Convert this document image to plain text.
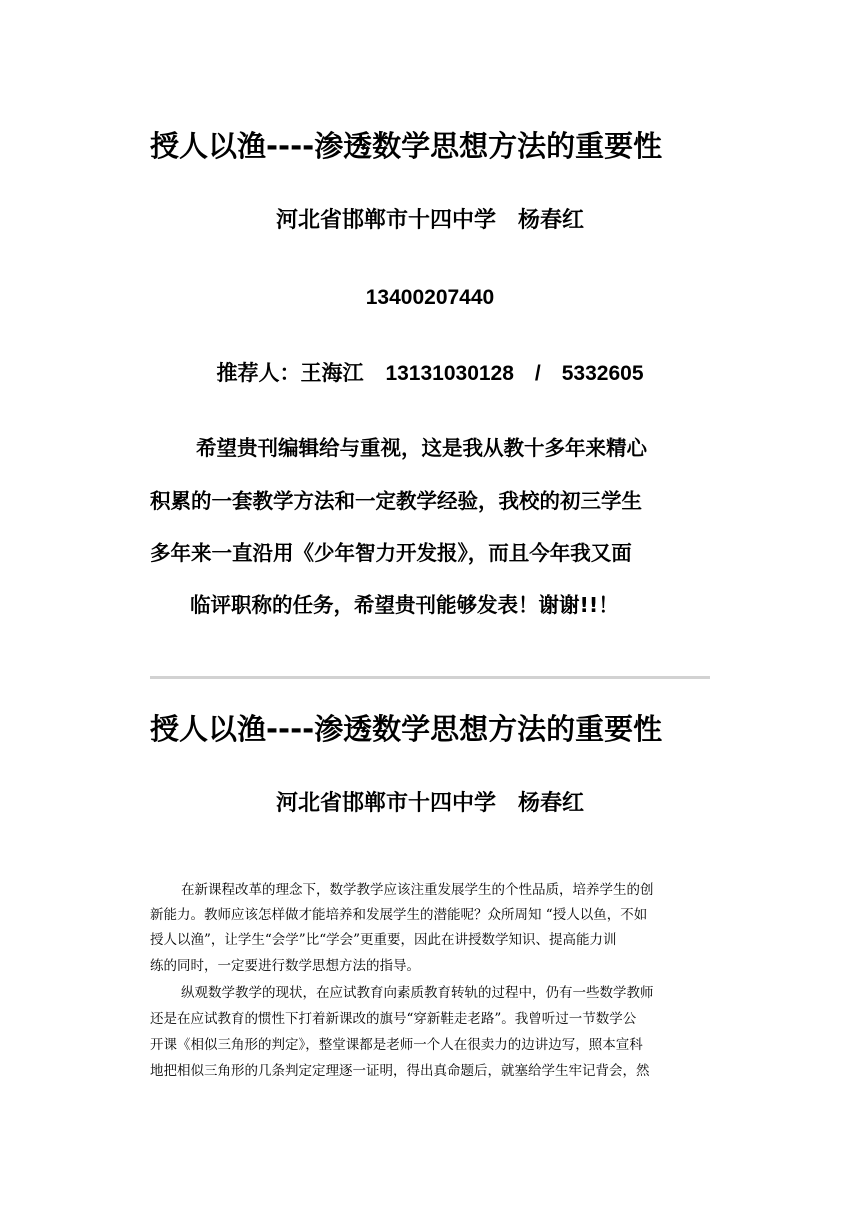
授人以渔----渗透数学思想方法的重要性
河北省邯郸市十四中学　杨春红
13400207440
推荐人：王海江 13131030128　/　5332605
希望贵刊编辑给与重视，这是我从教十多年来精心
积累的一套教学方法和一定教学经验，我校的初三学生
多年来一直沿用《少年智力开发报》，而且今年我又面
临评职称的任务，希望贵刊能够发表！谢谢!!！
授人以渔----渗透数学思想方法的重要性
河北省邯郸市十四中学　杨春红
在新课程改革的理念下，数学教学应该注重发展学生的个性品质，培养学生的创
新能力。教师应该怎样做才能培养和发展学生的潜能呢？众所周知 “授人以鱼，不如
授人以渔”，让学生“会学”比“学会”更重要，因此在讲授数学知识、提高能力训
练的同时，一定要进行数学思想方法的指导。
纵观数学教学的现状，在应试教育向素质教育转轨的过程中，仍有一些数学教师
还是在应试教育的惯性下打着新课改的旗号“穿新鞋走老路”。我曾听过一节数学公
开课《相似三角形的判定》，整堂课都是老师一个人在很卖力的边讲边写，照本宣科
地把相似三角形的几条判定定理逐一证明，得出真命题后，就塞给学生牢记背会，然
